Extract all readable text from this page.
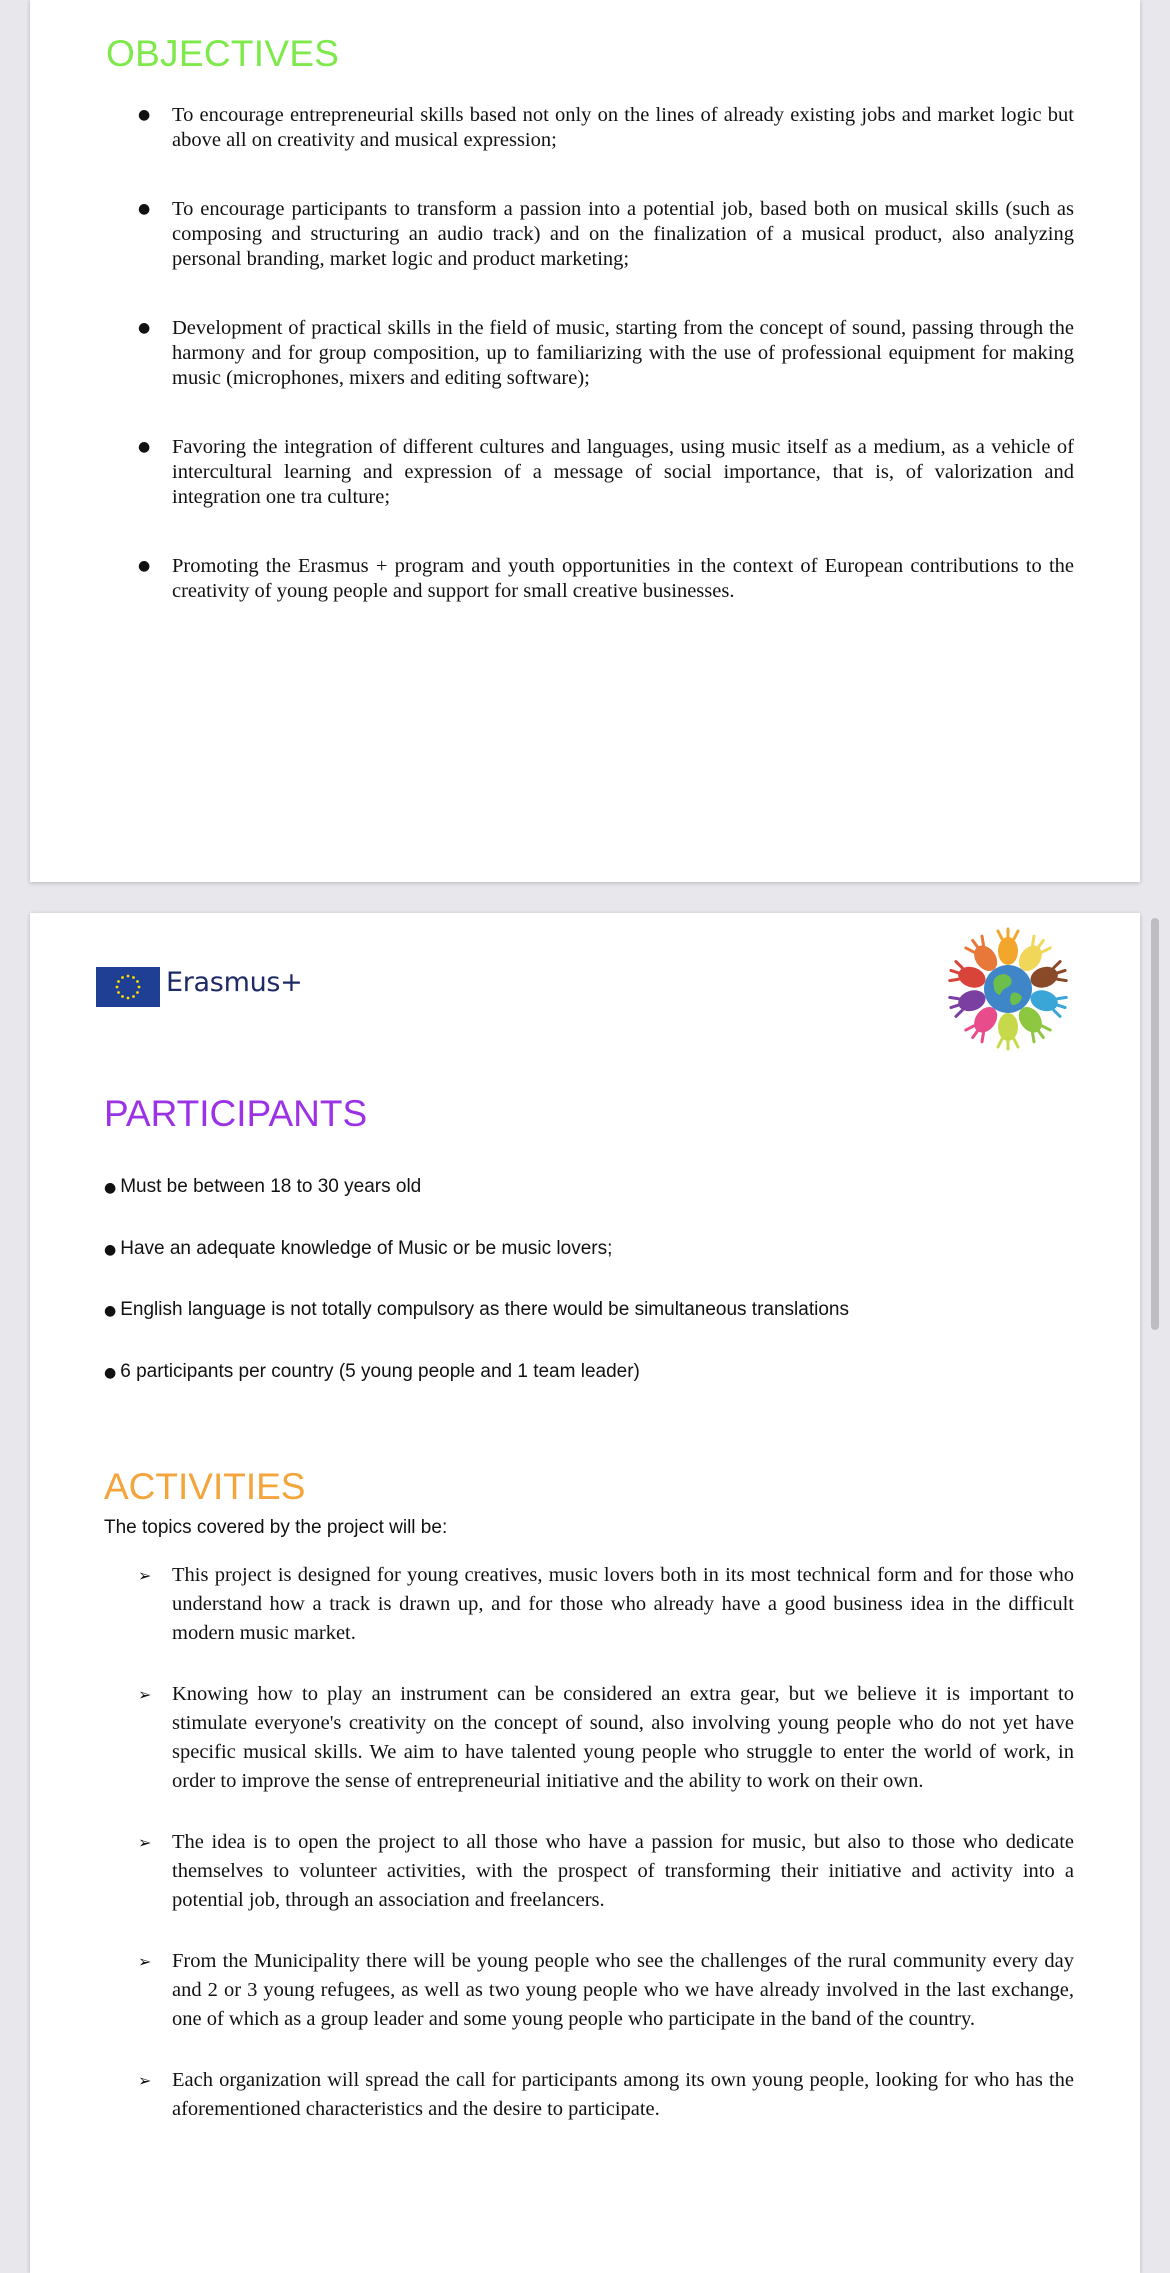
OBJECTIVES
● To encourage entrepreneurial skills based not only on the lines of already existing jobs and market logic but above all on creativity and musical expression;
● To encourage participants to transform a passion into a potential job, based both on musical skills (such as composing and structuring an audio track) and on the finalization of a musical product, also analyzing personal branding, market logic and product marketing;
● Development of practical skills in the field of music, starting from the concept of sound, passing through the harmony and for group composition, up to familiarizing with the use of professional equipment for making music (microphones, mixers and editing software);
● Favoring the integration of different cultures and languages, using music itself as a medium, as a vehicle of intercultural learning and expression of a message of social importance, that is, of valorization and integration one tra culture;
● Promoting the Erasmus + program and youth opportunities in the context of European contributions to the creativity of young people and support for small creative businesses.
Erasmus+
PARTICIPANTS
● Must be between 18 to 30 years old
● Have an adequate knowledge of Music or be music lovers;
● English language is not totally compulsory as there would be simultaneous translations
● 6 participants per country (5 young people and 1 team leader)
ACTIVITIES

The topics covered by the project will be:

➢ This project is designed for young creatives, music lovers both in its most technical form and for those who understand how a track is drawn up, and for those who already have a good business idea in the difficult modern music market.
➢ Knowing how to play an instrument can be considered an extra gear, but we believe it is important to stimulate everyone's creativity on the concept of sound, also involving young people who do not yet have specific musical skills. We aim to have talented young people who struggle to enter the world of work, in order to improve the sense of entrepreneurial initiative and the ability to work on their own.
➢ The idea is to open the project to all those who have a passion for music, but also to those who dedicate themselves to volunteer activities, with the prospect of transforming their initiative and activity into a potential job, through an association and freelancers.
➢ From the Municipality there will be young people who see the challenges of the rural community every day and 2 or 3 young refugees, as well as two young people who we have already involved in the last exchange, one of which as a group leader and some young people who participate in the band of the country.
➢ Each organization will spread the call for participants among its own young people, looking for who has the aforementioned characteristics and the desire to participate.
